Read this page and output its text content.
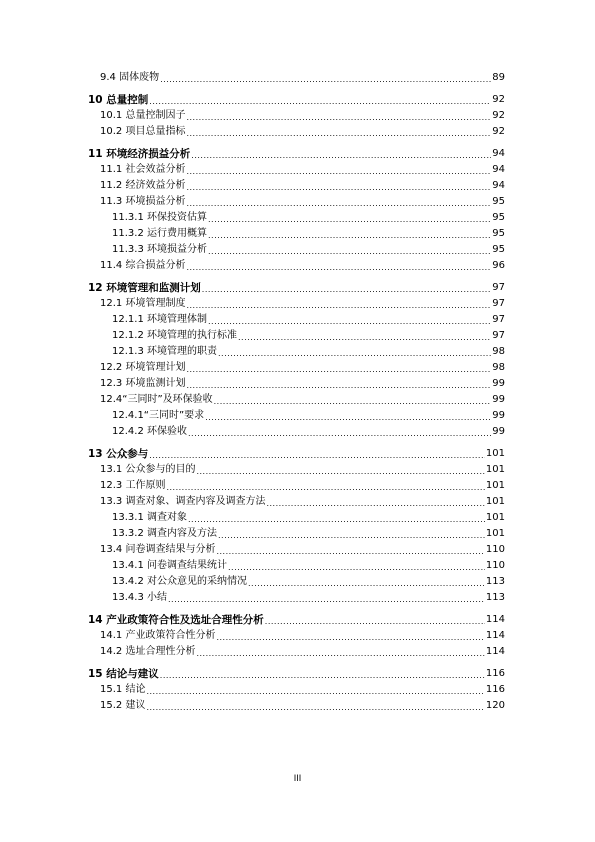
9.4 固体废物 .....	89
10 总量控制 .....	92
10.1 总量控制因子 .....	92
10.2 项目总量指标 .....	92
11 环境经济损益分析 .....	94
11.1 社会效益分析 .....	94
11.2 经济效益分析 .....	94
11.3 环境损益分析 .....	95
11.3.1 环保投资估算 .....	95
11.3.2 运行费用概算 .....	95
11.3.3 环境损益分析 .....	95
11.4 综合损益分析 .....	96
12 环境管理和监测计划 .....	97
12.1 环境管理制度 .....	97
12.1.1 环境管理体制 .....	97
12.1.2 环境管理的执行标准 .....	97
12.1.3 环境管理的职责 .....	98
12.2 环境管理计划 .....	98
12.3 环境监测计划 .....	99
12.4“三同时”及环保验收 .....	99
12.4.1“三同时”要求 .....	99
12.4.2 环保验收 .....	99
13 公众参与 .....	101
13.1 公众参与的目的 .....	101
12.3 工作原则 .....	101
13.3 调查对象、调查内容及调查方法 .....	101
13.3.1 调查对象 .....	101
13.3.2 调查内容及方法 .....	101
13.4 问卷调查结果与分析 .....	110
13.4.1 问卷调查结果统计 .....	110
13.4.2 对公众意见的采纳情况 .....	113
13.4.3 小结 .....	113
14 产业政策符合性及选址合理性分析 .....	114
14.1 产业政策符合性分析 .....	114
14.2 选址合理性分析 .....	114
15 结论与建议 .....	116
15.1 结论 .....	116
15.2 建议 .....	120
III
